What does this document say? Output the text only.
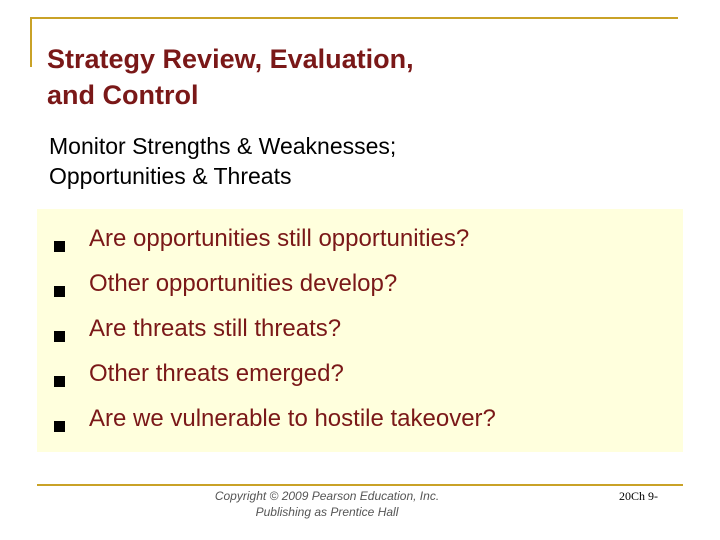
Strategy Review, Evaluation,
and Control
Monitor Strengths & Weaknesses;
Opportunities & Threats
Are opportunities still opportunities?
Other opportunities develop?
Are threats still threats?
Other threats emerged?
Are we vulnerable to hostile takeover?
Copyright © 2009 Pearson Education, Inc.
Publishing as Prentice Hall
20Ch 9-
